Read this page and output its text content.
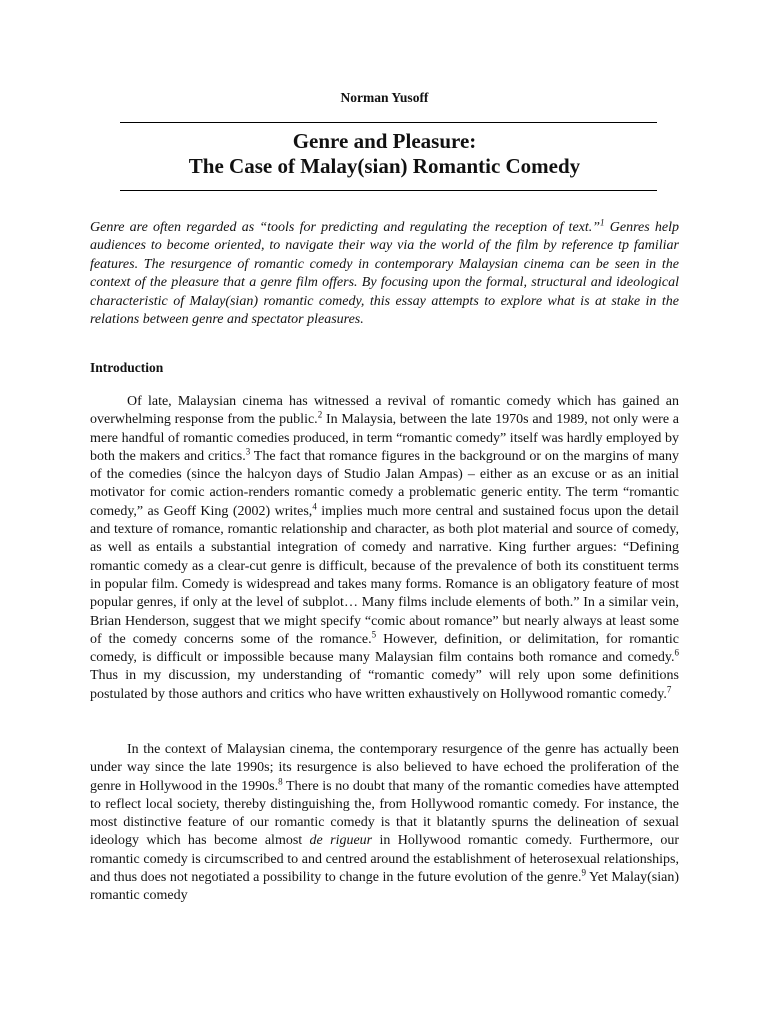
Norman Yusoff
Genre and Pleasure:
The Case of Malay(sian) Romantic Comedy

Genre are often regarded as “tools for predicting and regulating the reception of text.”$^1$ Genres help audiences to become oriented, to navigate their way via the world of the film by reference tp familiar features. The resurgence of romantic comedy in contemporary Malaysian cinema can be seen in the context of the pleasure that a genre film offers. By focusing upon the formal, structural and ideological characteristic of Malay(sian) romantic comedy, this essay attempts to explore what is at stake in the relations between genre and spectator pleasures.

Introduction

Of late, Malaysian cinema has witnessed a revival of romantic comedy which has gained an overwhelming response from the public.$^2$ In Malaysia, between the late 1970s and 1989, not only were a mere handful of romantic comedies produced, in term “romantic comedy” itself was hardly employed by both the makers and critics.$^3$ The fact that romance figures in the background or on the margins of many of the comedies (since the halcyon days of Studio Jalan Ampas) – either as an excuse or as an initial motivator for comic action-renders romantic comedy a problematic generic entity. The term “romantic comedy,” as Geoff King (2002) writes,$^4$ implies much more central and sustained focus upon the detail and texture of romance, romantic relationship and character, as both plot material and source of comedy, as well as entails a substantial integration of comedy and narrative. King further argues: “Defining romantic comedy as a clear-cut genre is difficult, because of the prevalence of both its constituent terms in popular film. Comedy is widespread and takes many forms. Romance is an obligatory feature of most popular genres, if only at the level of subplot… Many films include elements of both.” In a similar vein, Brian Henderson, suggest that we might specify “comic about romance” but nearly always at least some of the comedy concerns some of the romance.$^5$ However, definition, or delimitation, for romantic comedy, is difficult or impossible because many Malaysian film contains both romance and comedy.$^6$ Thus in my discussion, my understanding of “romantic comedy” will rely upon some definitions postulated by those authors and critics who have written exhaustively on Hollywood romantic comedy.$^7$

In the context of Malaysian cinema, the contemporary resurgence of the genre has actually been under way since the late 1990s; its resurgence is also believed to have echoed the proliferation of the genre in Hollywood in the 1990s.$^8$ There is no doubt that many of the romantic comedies have attempted to reflect local society, thereby distinguishing the, from Hollywood romantic comedy. For instance, the most distinctive feature of our romantic comedy is that it blatantly spurns the delineation of sexual ideology which has become almost de rigueur in Hollywood romantic comedy. Furthermore, our romantic comedy is circumscribed to and centred around the establishment of heterosexual relationships, and thus does not negotiated a possibility to change in the future evolution of the genre.$^9$ Yet Malay(sian) romantic comedy
